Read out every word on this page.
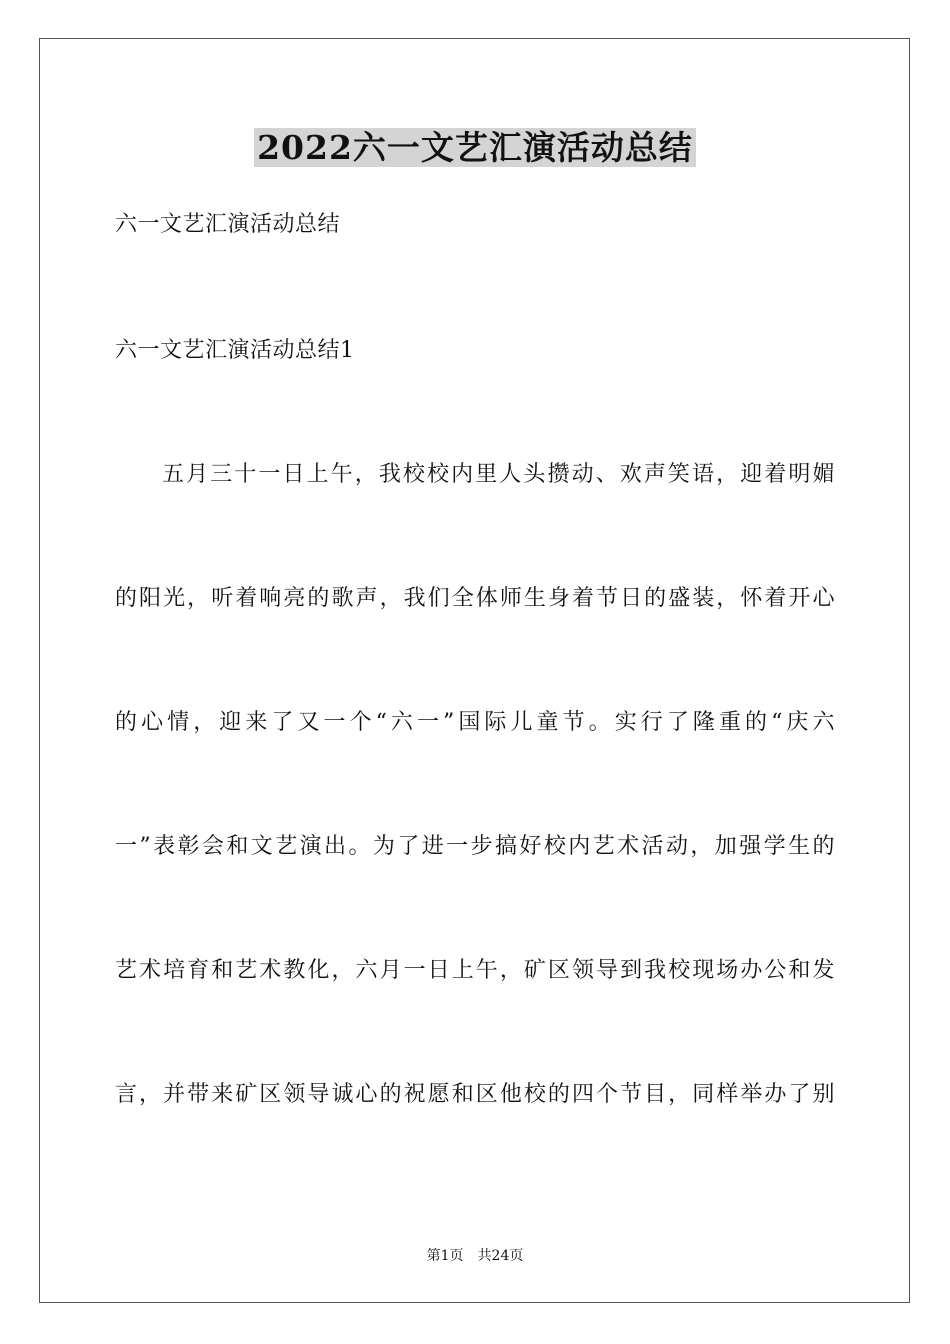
2022六一文艺汇演活动总结
六一文艺汇演活动总结
六一文艺汇演活动总结1
五月三十一日上午，我校校内里人头攒动、欢声笑语，迎着明媚
的阳光，听着响亮的歌声，我们全体师生身着节日的盛装，怀着开心
的心情，迎来了又一个“六一”国际儿童节。实行了隆重的“庆六
一”表彰会和文艺演出。为了进一步搞好校内艺术活动，加强学生的
艺术培育和艺术教化，六月一日上午，矿区领导到我校现场办公和发
言，并带来矿区领导诚心的祝愿和区他校的四个节目，同样举办了别
第1页 共24页
